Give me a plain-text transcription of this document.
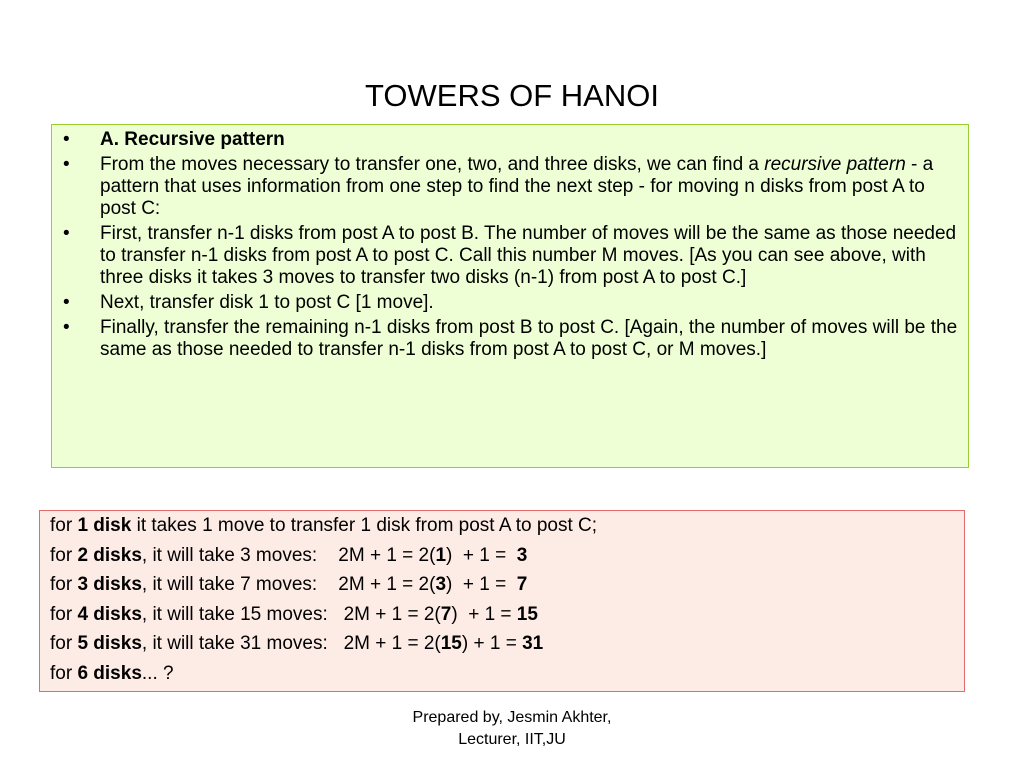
TOWERS OF HANOI
• A. Recursive pattern
• From the moves necessary to transfer one, two, and three disks, we can find a recursive pattern - a pattern that uses information from one step to find the next step - for moving n disks from post A to post C:
• First, transfer n-1 disks from post A to post B. The number of moves will be the same as those needed to transfer n-1 disks from post A to post C. Call this number M moves. [As you can see above, with three disks it takes 3 moves to transfer two disks (n-1) from post A to post C.]
• Next, transfer disk 1 to post C [1 move].
• Finally, transfer the remaining n-1 disks from post B to post C. [Again, the number of moves will be the same as those needed to transfer n-1 disks from post A to post C, or M moves.]
for 1 disk it takes 1 move to transfer 1 disk from post A to post C;
for 2 disks, it will take 3 moves:    2M + 1 = 2(1)  + 1 =  3
for 3 disks, it will take 7 moves:    2M + 1 = 2(3)  + 1 =  7
for 4 disks, it will take 15 moves:   2M + 1 = 2(7)  + 1 = 15
for 5 disks, it will take 31 moves:   2M + 1 = 2(15) + 1 = 31
for 6 disks... ?
Prepared by, Jesmin Akhter,
Lecturer, IIT,JU
